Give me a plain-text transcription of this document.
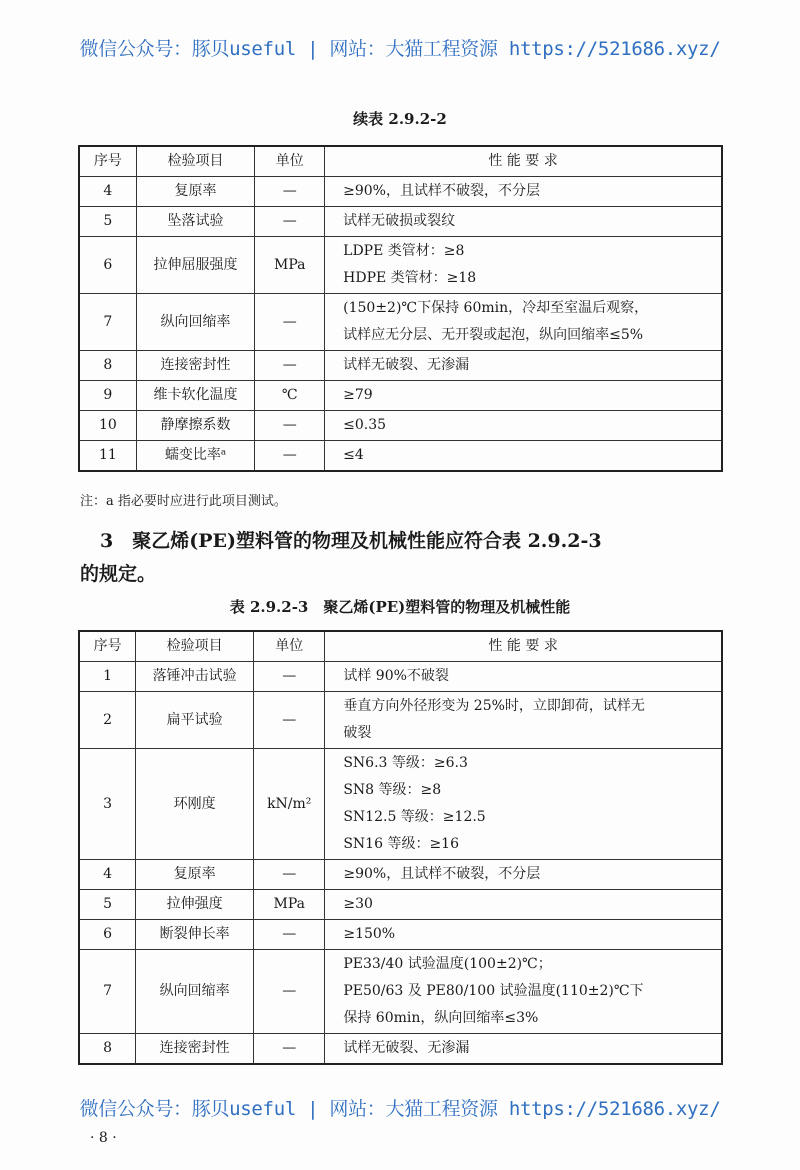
微信公众号：豚贝useful | 网站：大猫工程资源 https://521686.xyz/
续表 2.9.2-2
序号	检验项目	单位	性 能 要 求
4	复原率	—	≥90%，且试样不破裂，不分层

5	坠落试验	—	试样无破损或裂纹

6	拉伸屈服强度	MPa	LDPE 类管材：≥8
HDPE 类管材：≥18

7	纵向回缩率	—	(150±2)℃下保持 60min，冷却至室温后观察，
试样应无分层、无开裂或起泡，纵向回缩率≤5%

8	连接密封性	—	试样无破裂、无渗漏

9	维卡软化温度	℃	≥79

10	静摩擦系数	—	≤0.35

11	蠕变比率ᵃ	—	≤4
注：a 指必要时应进行此项目测试。
3　聚乙烯(PE)塑料管的物理及机械性能应符合表 2.9.2-3
的规定。
表 2.9.2-3　聚乙烯(PE)塑料管的物理及机械性能
序号	检验项目	单位	性 能 要 求
1	落锤冲击试验	—	试样 90%不破裂

2	扁平试验	—	垂直方向外径形变为 25%时，立即卸荷，试样无
破裂

3	环刚度	kN/m²	SN6.3 等级：≥6.3
SN8 等级：≥8
SN12.5 等级：≥12.5
SN16 等级：≥16

4	复原率	—	≥90%，且试样不破裂，不分层

5	拉伸强度	MPa	≥30

6	断裂伸长率	—	≥150%

7	纵向回缩率	—	PE33/40 试验温度(100±2)℃；
PE50/63 及 PE80/100 试验温度(110±2)℃下
保持 60min，纵向回缩率≤3%

8	连接密封性	—	试样无破裂、无渗漏
微信公众号：豚贝useful | 网站：大猫工程资源 https://521686.xyz/
· 8 ·
